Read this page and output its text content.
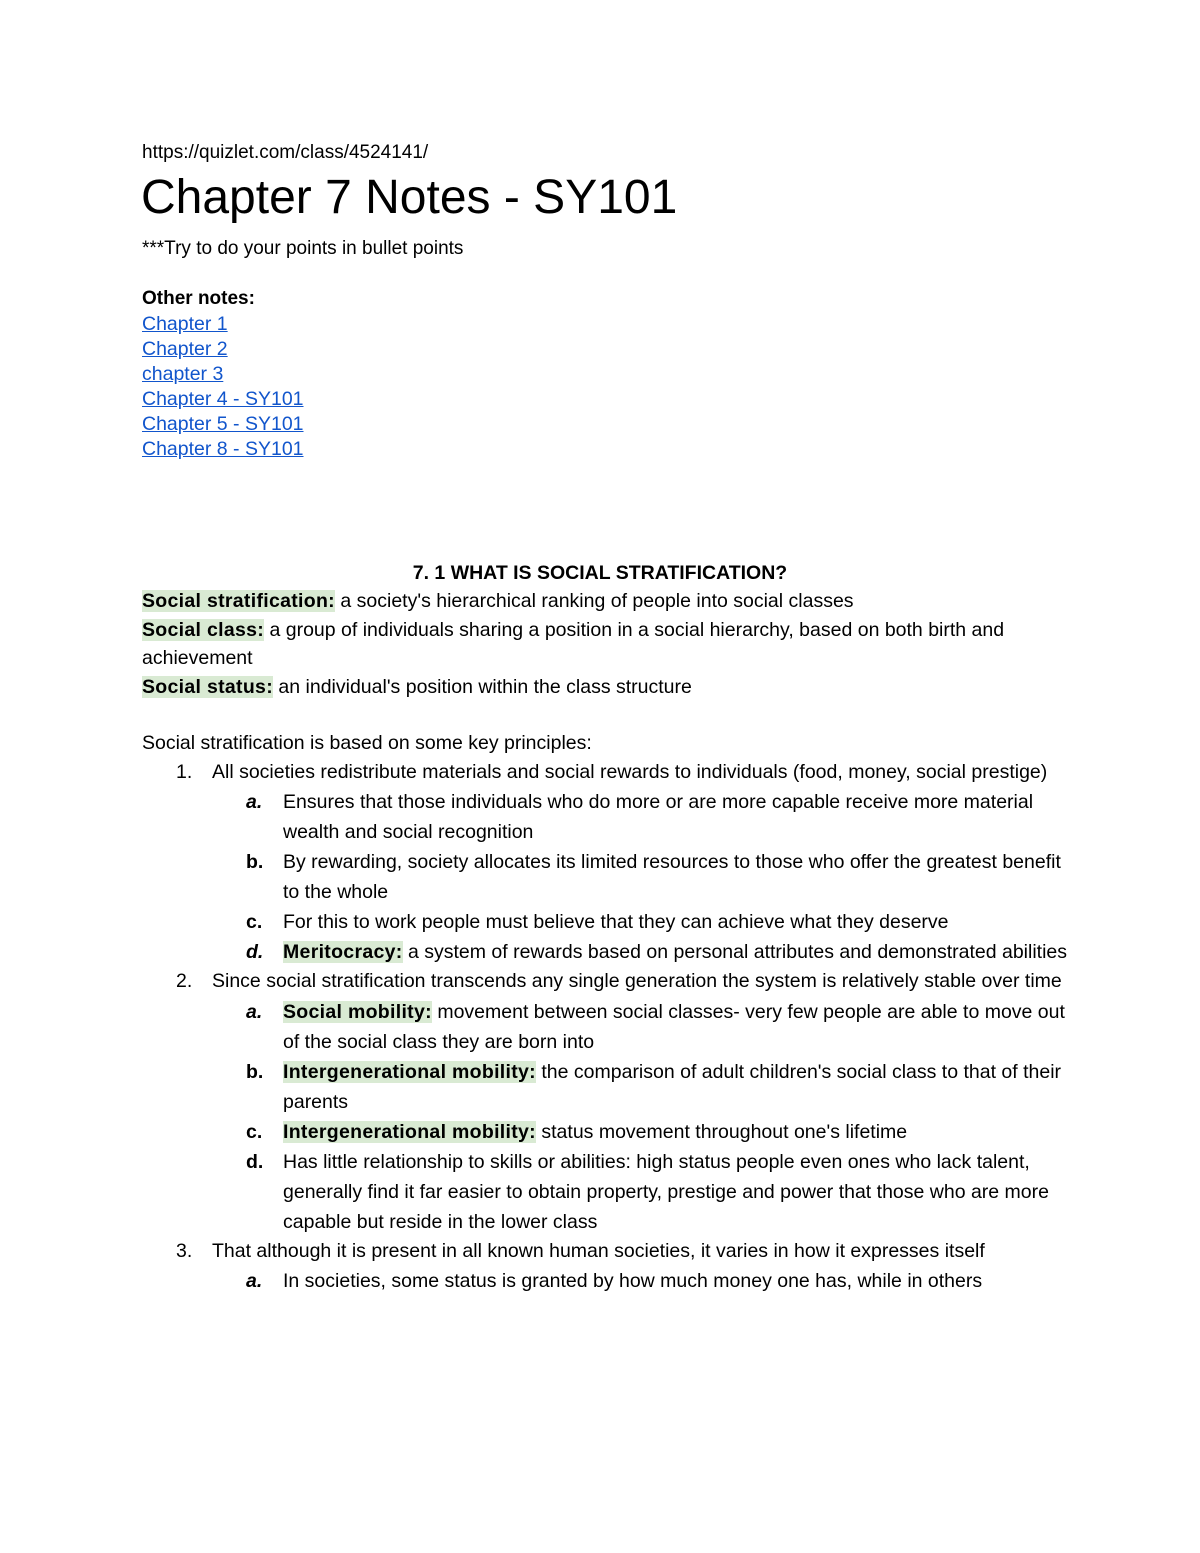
https://quizlet.com/class/4524141/

Chapter 7 Notes - SY101

***Try to do your points in bullet points

Other notes:

Chapter 1
Chapter 2
chapter 3
Chapter 4 - SY101
Chapter 5 - SY101
Chapter 8 - SY101
7. 1 WHAT IS SOCIAL STRATIFICATION?

Social stratification: a society's hierarchical ranking of people into social classes

Social class: a group of individuals sharing a position in a social hierarchy, based on both birth and achievement

Social status: an individual's position within the class structure

Social stratification is based on some key principles:

1. All societies redistribute materials and social rewards to individuals (food, money, social prestige)
a. Ensures that those individuals who do more or are more capable receive more material wealth and social recognition
b. By rewarding, society allocates its limited resources to those who offer the greatest benefit to the whole
c. For this to work people must believe that they can achieve what they deserve
d. Meritocracy: a system of rewards based on personal attributes and demonstrated abilities
2. Since social stratification transcends any single generation the system is relatively stable over time
a. Social mobility: movement between social classes- very few people are able to move out of the social class they are born into
b. Intergenerational mobility: the comparison of adult children's social class to that of their parents
c. Intergenerational mobility: status movement throughout one's lifetime
d. Has little relationship to skills or abilities: high status people even ones who lack talent, generally find it far easier to obtain property, prestige and power that those who are more capable but reside in the lower class
3. That although it is present in all known human societies, it varies in how it expresses itself
a. In societies, some status is granted by how much money one has, while in others
